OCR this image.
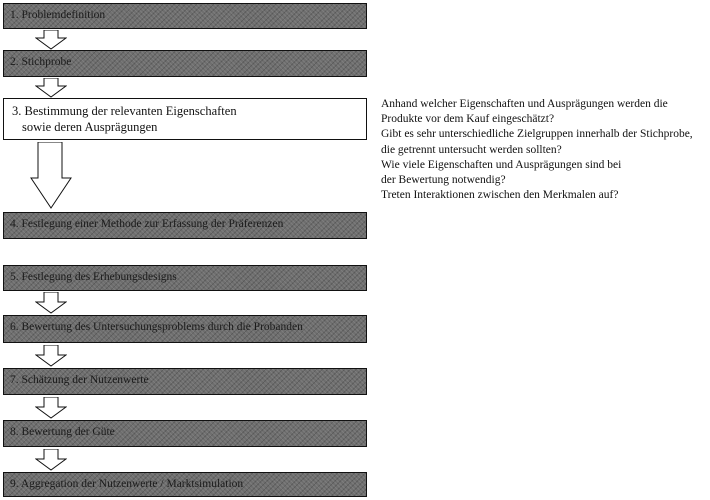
1. Problemdefinition
2. Stichprobe
3. Bestimmung der relevanten Eigenschaften
sowie deren Ausprägungen
4. Festlegung einer Methode zur Erfassung der Präferenzen
5. Festlegung des Erhebungsdesigns
6. Bewertung des Untersuchungsproblems durch die Probanden
7. Schätzung der Nutzenwerte
8. Bewertung der Güte
9. Aggregation der Nutzenwerte / Marktsimulation
Anhand welcher Eigenschaften und Ausprägungen werden die
Produkte vor dem Kauf eingeschätzt?
Gibt es sehr unterschiedliche Zielgruppen innerhalb der Stichprobe,
die getrennt untersucht werden sollten?
Wie viele Eigenschaften und Ausprägungen sind bei
der Bewertung notwendig?
Treten Interaktionen zwischen den Merkmalen auf?
